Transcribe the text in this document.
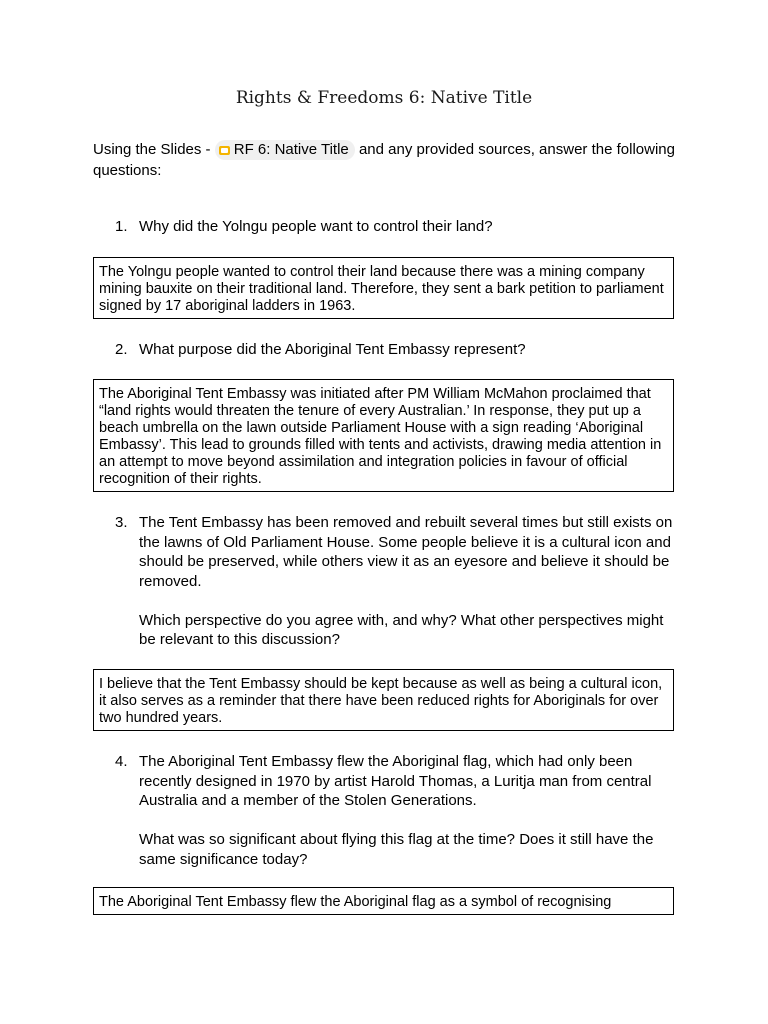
Rights & Freedoms 6: Native Title

Using the Slides - RF 6: Native Title and any provided sources, answer the following questions:

1. Why did the Yolngu people want to control their land?
The Yolngu people wanted to control their land because there was a mining company mining bauxite on their traditional land. Therefore, they sent a bark petition to parliament signed by 17 aboriginal ladders in 1963.
2. What purpose did the Aboriginal Tent Embassy represent?
The Aboriginal Tent Embassy was initiated after PM William McMahon proclaimed that “land rights would threaten the tenure of every Australian.’ In response, they put up a beach umbrella on the lawn outside Parliament House with a sign reading ‘Aboriginal Embassy’. This lead to grounds filled with tents and activists, drawing media attention in an attempt to move beyond assimilation and integration policies in favour of official recognition of their rights.
3. The Tent Embassy has been removed and rebuilt several times but still exists on the lawns of Old Parliament House. Some people believe it is a cultural icon and should be preserved, while others view it as an eyesore and believe it should be removed.
Which perspective do you agree with, and why? What other perspectives might be relevant to this discussion?
I believe that the Tent Embassy should be kept because as well as being a cultural icon, it also serves as a reminder that there have been reduced rights for Aboriginals for over two hundred years.
4. The Aboriginal Tent Embassy flew the Aboriginal flag, which had only been recently designed in 1970 by artist Harold Thomas, a Luritja man from central Australia and a member of the Stolen Generations.
What was so significant about flying this flag at the time? Does it still have the same significance today?
The Aboriginal Tent Embassy flew the Aboriginal flag as a symbol of recognising
